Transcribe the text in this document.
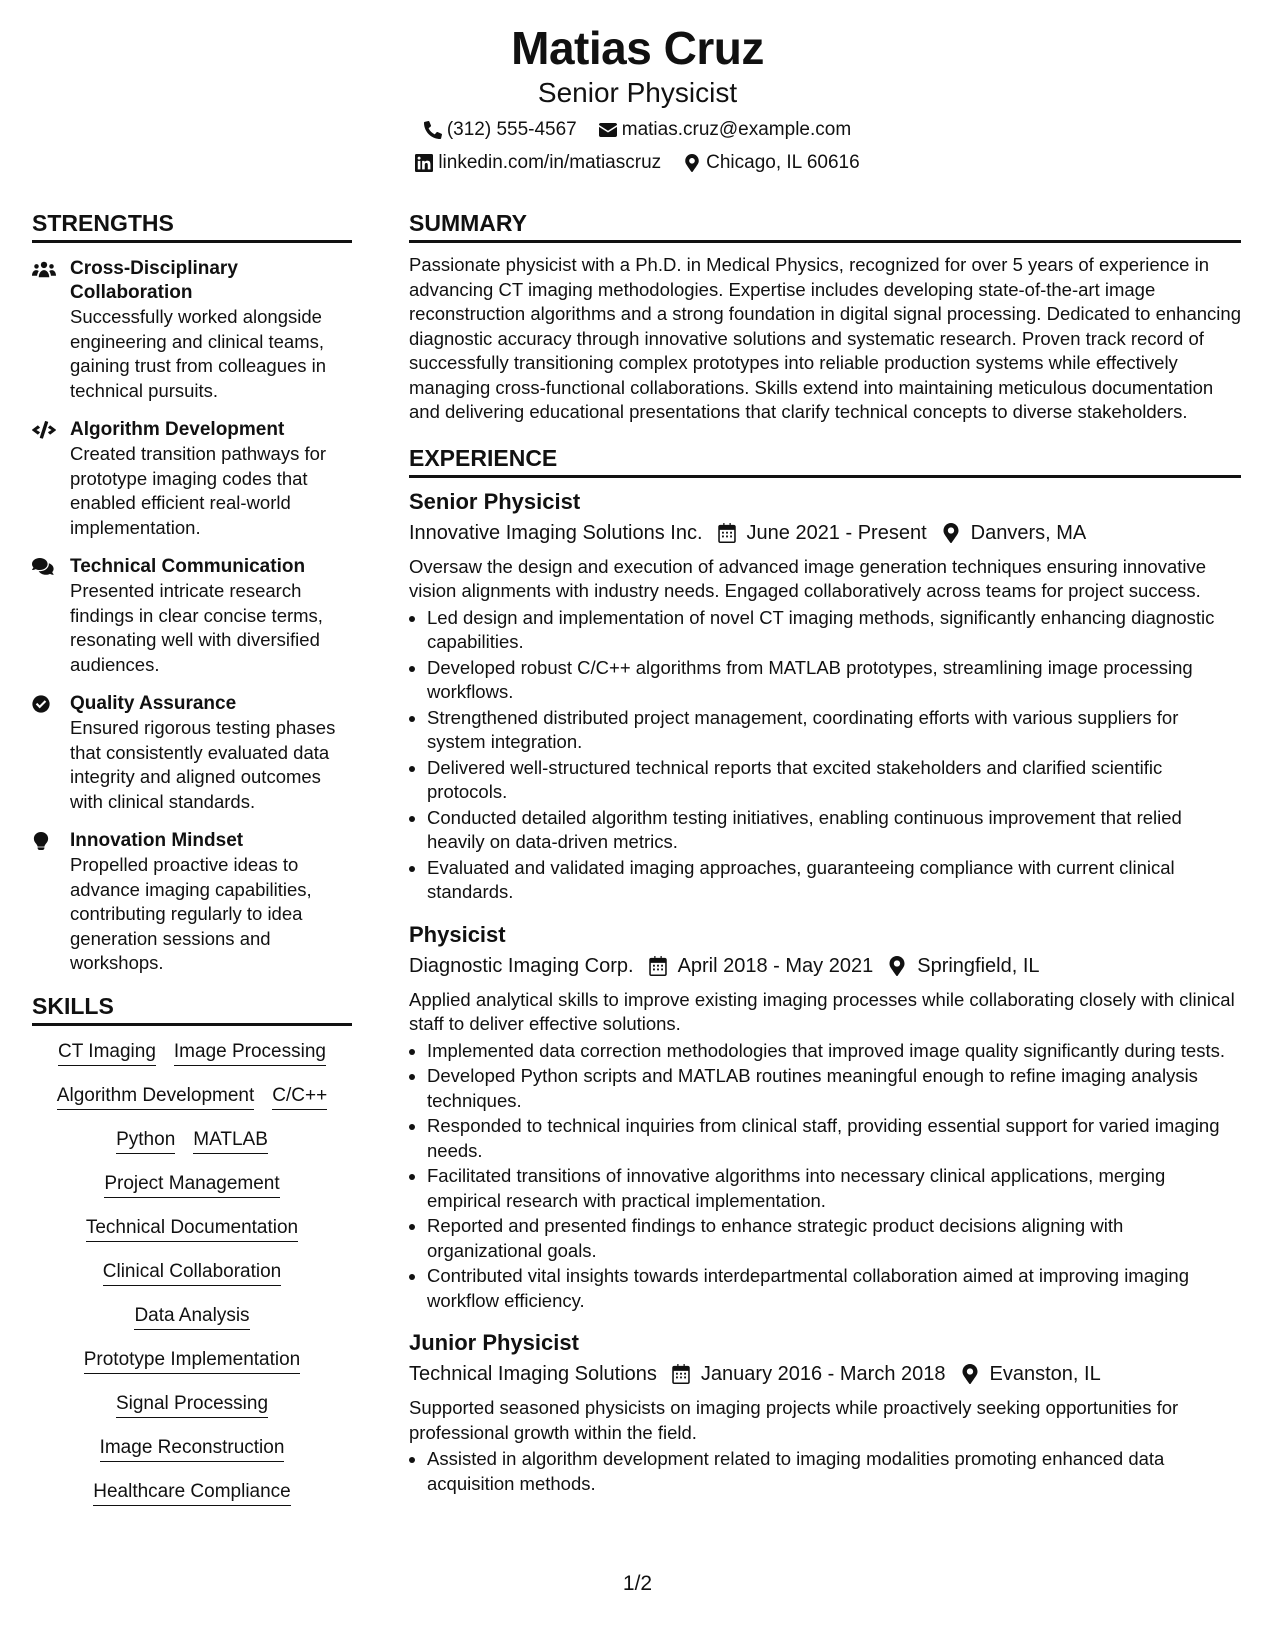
Matias Cruz
Senior Physicist
(312) 555-4567 matias.cruz@example.com
linkedin.com/in/matiascruz Chicago, IL 60616
STRENGTHS
Cross-Disciplinary Collaboration
Successfully worked alongside engineering and clinical teams, gaining trust from colleagues in technical pursuits.
Algorithm Development
Created transition pathways for prototype imaging codes that enabled efficient real-world implementation.
Technical Communication
Presented intricate research findings in clear concise terms, resonating well with diversified audiences.
Quality Assurance
Ensured rigorous testing phases that consistently evaluated data integrity and aligned outcomes with clinical standards.
Innovation Mindset
Propelled proactive ideas to advance imaging capabilities, contributing regularly to idea generation sessions and workshops.
SKILLS
CT Imaging Image Processing
Algorithm Development C/C++
Python MATLAB
Project Management
Technical Documentation
Clinical Collaboration
Data Analysis
Prototype Implementation
Signal Processing
Image Reconstruction
Healthcare Compliance
SUMMARY
Passionate physicist with a Ph.D. in Medical Physics, recognized for over 5 years of experience in advancing CT imaging methodologies. Expertise includes developing state-of-the-art image reconstruction algorithms and a strong foundation in digital signal processing. Dedicated to enhancing diagnostic accuracy through innovative solutions and systematic research. Proven track record of successfully transitioning complex prototypes into reliable production systems while effectively managing cross-functional collaborations. Skills extend into maintaining meticulous documentation and delivering educational presentations that clarify technical concepts to diverse stakeholders.
EXPERIENCE
Senior Physicist
Innovative Imaging Solutions Inc. June 2021 - Present Danvers, MA
Oversaw the design and execution of advanced image generation techniques ensuring innovative vision alignments with industry needs. Engaged collaboratively across teams for project success.
• Led design and implementation of novel CT imaging methods, significantly enhancing diagnostic capabilities.
• Developed robust C/C++ algorithms from MATLAB prototypes, streamlining image processing workflows.
• Strengthened distributed project management, coordinating efforts with various suppliers for system integration.
• Delivered well-structured technical reports that excited stakeholders and clarified scientific protocols.
• Conducted detailed algorithm testing initiatives, enabling continuous improvement that relied heavily on data-driven metrics.
• Evaluated and validated imaging approaches, guaranteeing compliance with current clinical standards.
Physicist
Diagnostic Imaging Corp. April 2018 - May 2021 Springfield, IL
Applied analytical skills to improve existing imaging processes while collaborating closely with clinical staff to deliver effective solutions.
• Implemented data correction methodologies that improved image quality significantly during tests.
• Developed Python scripts and MATLAB routines meaningful enough to refine imaging analysis techniques.
• Responded to technical inquiries from clinical staff, providing essential support for varied imaging needs.
• Facilitated transitions of innovative algorithms into necessary clinical applications, merging empirical research with practical implementation.
• Reported and presented findings to enhance strategic product decisions aligning with organizational goals.
• Contributed vital insights towards interdepartmental collaboration aimed at improving imaging workflow efficiency.
Junior Physicist
Technical Imaging Solutions January 2016 - March 2018 Evanston, IL
Supported seasoned physicists on imaging projects while proactively seeking opportunities for professional growth within the field.
• Assisted in algorithm development related to imaging modalities promoting enhanced data acquisition methods.
1/2
